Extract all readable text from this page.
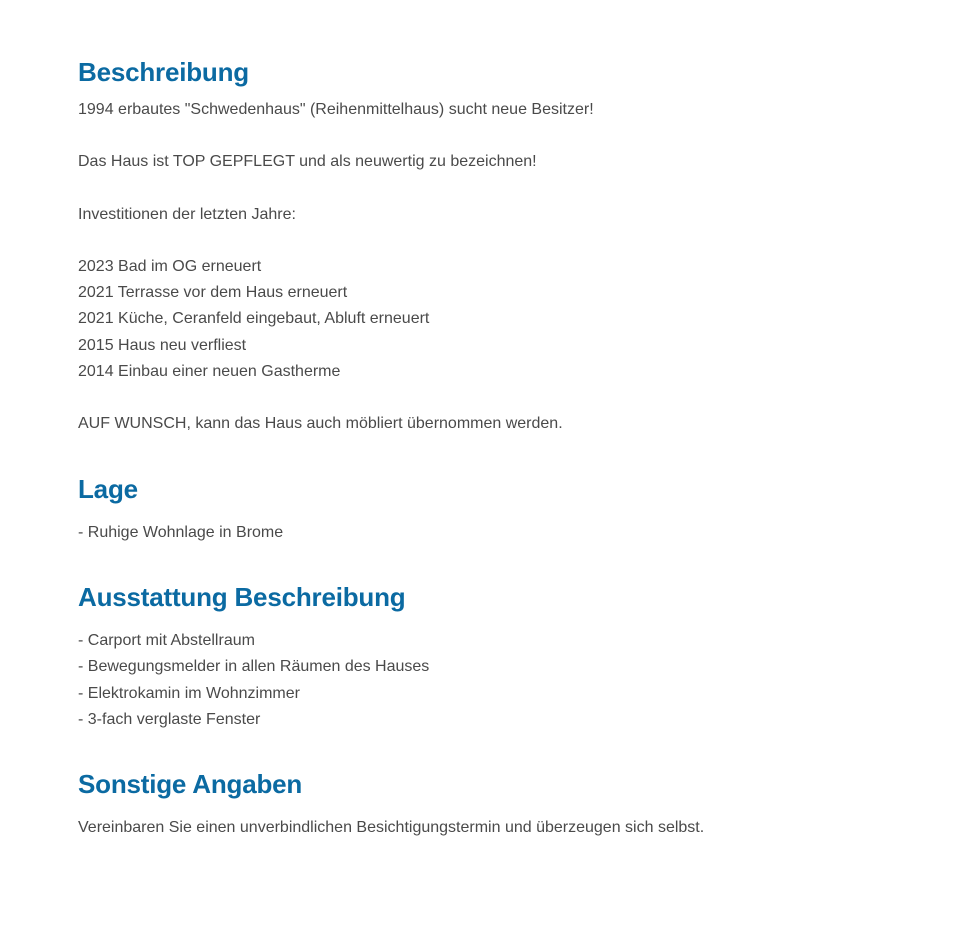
Beschreibung

1994 erbautes "Schwedenhaus" (Reihenmittelhaus) sucht neue Besitzer!

Das Haus ist TOP GEPFLEGT und als neuwertig zu bezeichnen!

Investitionen der letzten Jahre:

2023 Bad im OG erneuert
2021 Terrasse vor dem Haus erneuert
2021 Küche, Ceranfeld eingebaut, Abluft erneuert
2015 Haus neu verfliest
2014 Einbau einer neuen Gastherme

AUF WUNSCH, kann das Haus auch möbliert übernommen werden.

Lage
- Ruhige Wohnlage in Brome
Ausstattung Beschreibung
- Carport mit Abstellraum
- Bewegungsmelder in allen Räumen des Hauses
- Elektrokamin im Wohnzimmer
- 3-fach verglaste Fenster
Sonstige Angaben

Vereinbaren Sie einen unverbindlichen Besichtigungstermin und überzeugen sich selbst.
